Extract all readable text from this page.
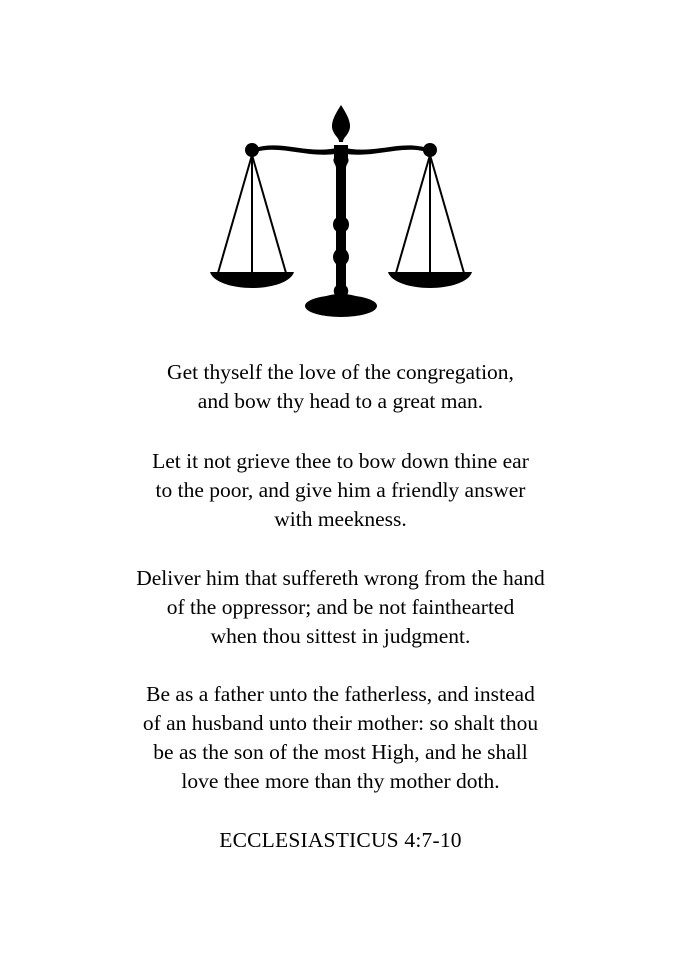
Get thyself the love of the congregation,
and bow thy head to a great man.
Let it not grieve thee to bow down thine ear
to the poor, and give him a friendly answer
with meekness.
Deliver him that suffereth wrong from the hand
of the oppressor; and be not fainthearted
when thou sittest in judgment.
Be as a father unto the fatherless, and instead
of an husband unto their mother: so shalt thou
be as the son of the most High, and he shall
love thee more than thy mother doth.
ECCLESIASTICUS 4:7-10
